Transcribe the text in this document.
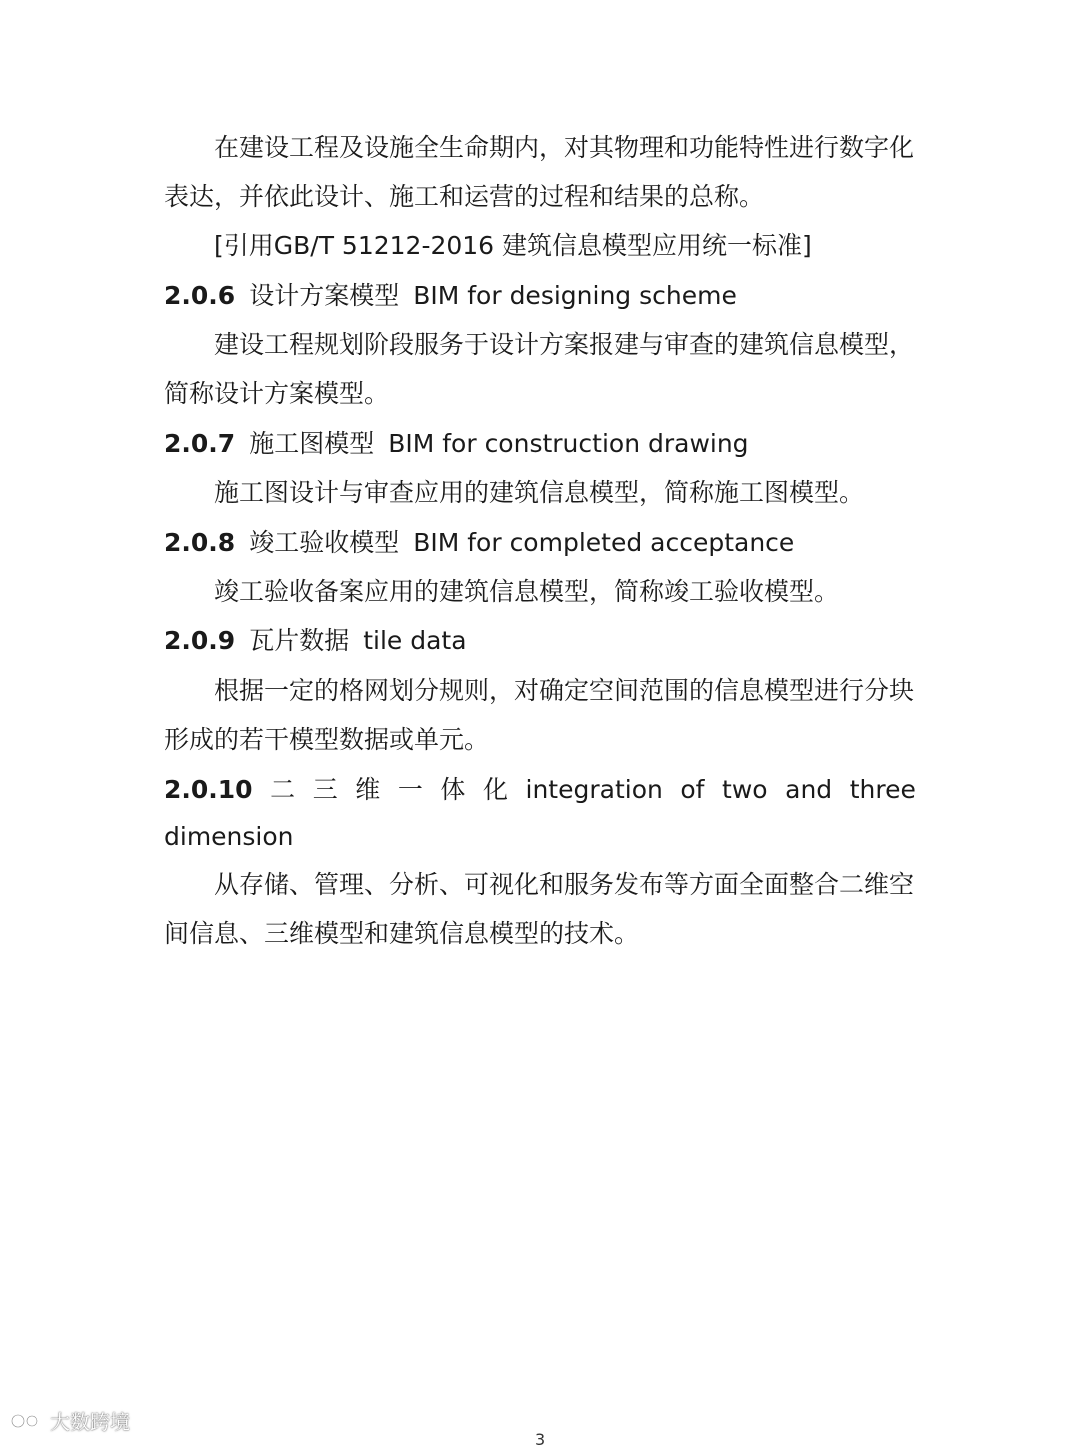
在建设工程及设施全生命期内，对其物理和功能特性进行数字化
表达，并依此设计、施工和运营的过程和结果的总称。
[引用GB/T 51212-2016 建筑信息模型应用统一标准]
2.0.6 设计方案模型 BIM for designing scheme
建设工程规划阶段服务于设计方案报建与审查的建筑信息模型，
简称设计方案模型。
2.0.7 施工图模型 BIM for construction drawing
施工图设计与审查应用的建筑信息模型，简称施工图模型。
2.0.8 竣工验收模型 BIM for completed acceptance
竣工验收备案应用的建筑信息模型，简称竣工验收模型。
2.0.9 瓦片数据 tile data
根据一定的格网划分规则，对确定空间范围的信息模型进行分块
形成的若干模型数据或单元。
2.0.10 二 三 维 一 体 化 integration of two and three
dimension
从存储、管理、分析、可视化和服务发布等方面全面整合二维空
间信息、三维模型和建筑信息模型的技术。
大数跨境
3
